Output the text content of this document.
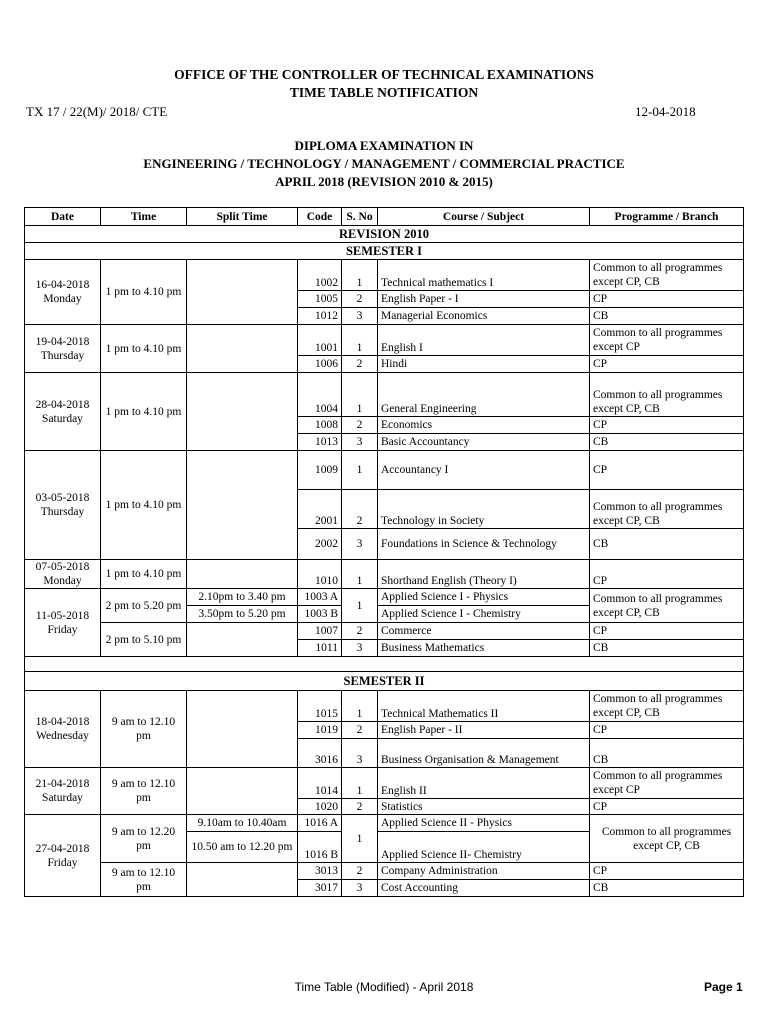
OFFICE OF THE CONTROLLER OF TECHNICAL EXAMINATIONS
TIME TABLE NOTIFICATION
TX 17 / 22(M)/ 2018/ CTE	12-04-2018
DIPLOMA EXAMINATION IN
ENGINEERING / TECHNOLOGY / MANAGEMENT / COMMERCIAL PRACTICE
APRIL 2018 (REVISION 2010 & 2015)
Date	Time	Split Time	Code	S. No	Course / Subject	Programme / Branch
REVISION 2010						
SEMESTER I						
16-04-2018
Monday	1 pm to 4.10 pm		1002	1	Technical mathematics I	Common to all programmes except CP, CB
			1005	2	English Paper - I	CP
			1012	3	Managerial Economics	CB
19-04-2018
Thursday	1 pm to 4.10 pm		1001	1	English I	Common to all programmes except CP
			1006	2	Hindi	CP
28-04-2018
Saturday	1 pm to 4.10 pm		1004	1	General Engineering	Common to all programmes except CP, CB
			1008	2	Economics	CP
			1013	3	Basic Accountancy	CB
03-05-2018
Thursday	1 pm to 4.10 pm		1009	1	Accountancy I	CP
			2001	2	Technology in Society	Common to all programmes except CP, CB
			2002	3	Foundations in Science & Technology	CB
07-05-2018
Monday	1 pm to 4.10 pm		1010	1	Shorthand English (Theory I)	CP
11-05-2018
Friday	2 pm to 5.20 pm	2.10pm to 3.40 pm	1003 A	1	Applied Science I - Physics	Common to all programmes except CP, CB
		3.50pm to 5.20 pm	1003 B		Applied Science I - Chemistry	
	2 pm to 5.10 pm		1007	2	Commerce	CP
			1011	3	Business Mathematics	CB

SEMESTER II						
18-04-2018
Wednesday	9 am to 12.10 pm		1015	1	Technical Mathematics II	Common to all programmes except CP, CB
			1019	2	English Paper - II	CP
			3016	3	Business Organisation & Management	CB
21-04-2018
Saturday	9 am to 12.10 pm		1014	1	English II	Common to all programmes except CP
			1020	2	Statistics	CP
27-04-2018
Friday	9 am to 12.20 pm	9.10am to 10.40am	1016 A	1	Applied Science II - Physics	Common to all programmes except CP, CB
		10.50 am to 12.20 pm	1016 B		Applied Science II- Chemistry	
	9 am to 12.10 pm		3013	2	Company Administration	CP
			3017	3	Cost Accounting	CB
Time Table (Modified) - April 2018	Page 1
